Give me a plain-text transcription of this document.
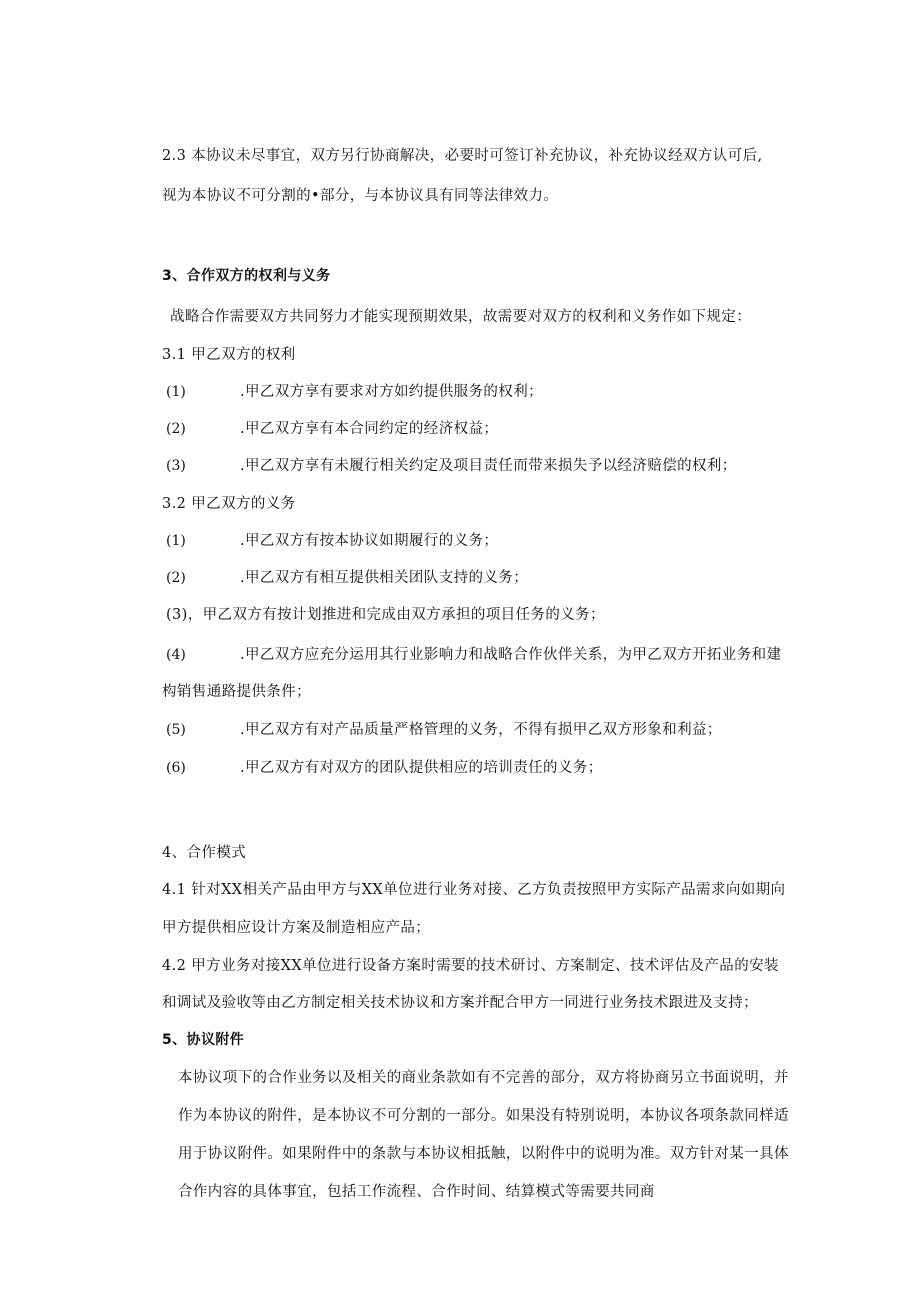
2.3 本协议未尽事宜，双方另行协商解决，必要时可签订补充协议，补充协议经双方认可后,
视为本协议不可分割的•部分，与本协议具有同等法律效力。
3、合作双方的权利与义务
战略合作需要双方共同努力才能实现预期效果，故需要对双方的权利和义务作如下规定：
3.1 甲乙双方的权利
(1)	.甲乙双方享有要求对方如约提供服务的权利；
(2)	.甲乙双方享有本合同约定的经济权益；
(3)	.甲乙双方享有未履行相关约定及项目责任而带来损失予以经济赔偿的权利；
3.2 甲乙双方的义务
(1)	.甲乙双方有按本协议如期履行的义务；
(2)	.甲乙双方有相互提供相关团队支持的义务；
(3)，甲乙双方有按计划推进和完成由双方承担的项目任务的义务；
(4)	.甲乙双方应充分运用其行业影响力和战略合作伙伴关系，为甲乙双方开拓业务和建
构销售通路提供条件；
(5)	.甲乙双方有对产品质量严格管理的义务，不得有损甲乙双方形象和利益；
(6)	.甲乙双方有对双方的团队提供相应的培训责任的义务；
4、合作模式
4.1 针对XX相关产品由甲方与XX单位进行业务对接、乙方负责按照甲方实际产品需求向如期向
甲方提供相应设计方案及制造相应产品；
4.2 甲方业务对接XX单位进行设备方案时需要的技术研讨、方案制定、技术评估及产品的安装
和调试及验收等由乙方制定相关技术协议和方案并配合甲方一同进行业务技术跟进及支持；
5、协议附件
本协议项下的合作业务以及相关的商业条款如有不完善的部分，双方将协商另立书面说明，并
作为本协议的附件，是本协议不可分割的一部分。如果没有特别说明，本协议各项条款同样适
用于协议附件。如果附件中的条款与本协议相抵触，以附件中的说明为准。双方针对某一具体
合作内容的具体事宜，包括工作流程、合作时间、结算模式等需要共同商
